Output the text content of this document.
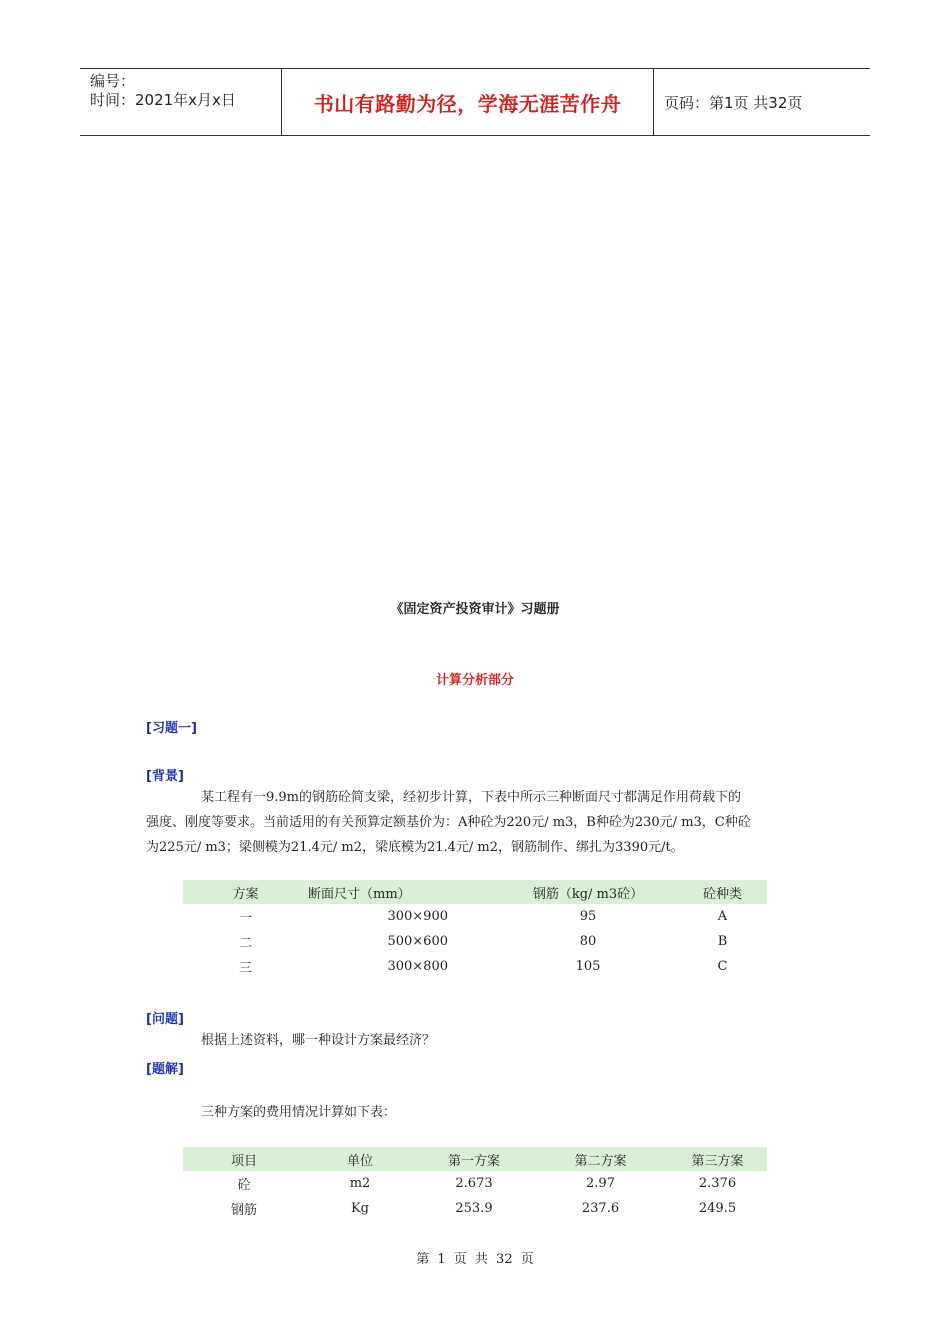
编号：
时间：2021年x月x日	书山有路勤为径，学海无涯苦作舟	页码：第1页 共32页
《固定资产投资审计》习题册
计算分析部分
[习题一]
[背景]
某工程有一9.9m的钢筋砼简支梁，经初步计算，下表中所示三种断面尺寸都满足作用荷载下的
强度、刚度等要求。当前适用的有关预算定额基价为：A种砼为220元/ m3，B种砼为230元/ m3，C种砼
为225元/ m3；梁侧模为21.4元/ m2，梁底模为21.4元/ m2，钢筋制作、绑扎为3390元/t。
方案	断面尺寸（mm）	钢筋（kg/ m3砼）	砼种类
一	300×900	95	A
二	500×600	80	B
三	300×800	105	C
[问题]
根据上述资料，哪一种设计方案最经济？
[题解]
三种方案的费用情况计算如下表：
项目	单位	第一方案	第二方案	第三方案
砼	m2	2.673	2.97	2.376
钢筋	Kg	253.9	237.6	249.5
第 1 页 共 32 页
